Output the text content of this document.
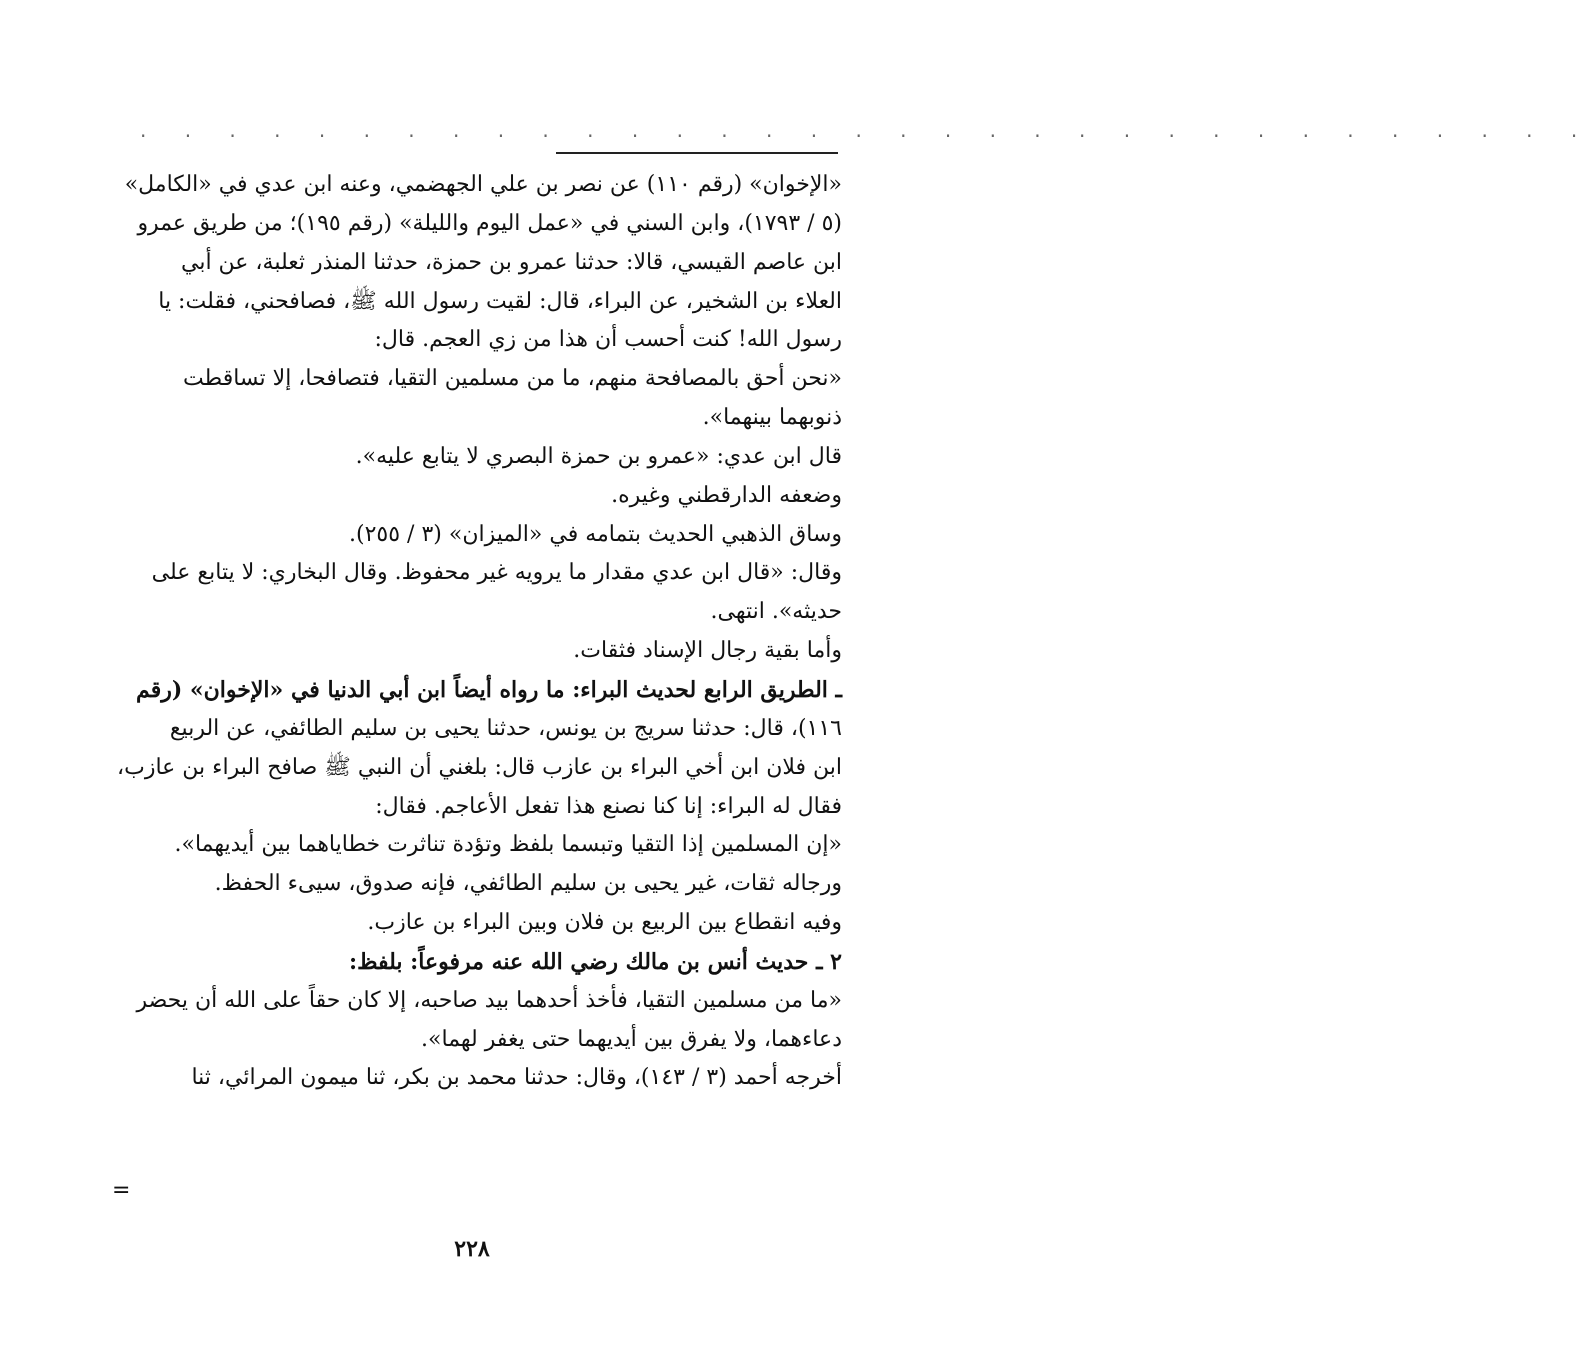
. . . . . . . . . . . . . . . . . . . . . . . . . . . . . . . . .
«الإخوان» (رقم ١١٠) عن نصر بن علي الجهضمي، وعنه ابن عدي في «الكامل»
(٥ / ١٧٩٣)، وابن السني في «عمل اليوم والليلة» (رقم ١٩٥)؛ من طريق عمرو
ابن عاصم القيسي، قالا: حدثنا عمرو بن حمزة، حدثنا المنذر ثعلبة، عن أبي
العلاء بن الشخير، عن البراء، قال: لقيت رسول الله ﷺ، فصافحني، فقلت: يا
رسول الله! كنت أحسب أن هذا من زي العجم. قال:
«نحن أحق بالمصافحة منهم، ما من مسلمين التقيا، فتصافحا، إلا تساقطت
ذنوبهما بينهما».
قال ابن عدي: «عمرو بن حمزة البصري لا يتابع عليه».
وضعفه الدارقطني وغيره.
وساق الذهبي الحديث بتمامه في «الميزان» (٣ / ٢٥٥).
وقال: «قال ابن عدي مقدار ما يرويه غير محفوظ. وقال البخاري: لا يتابع على
حديثه». انتهى.
وأما بقية رجال الإسناد فثقات.
ـ الطريق الرابع لحديث البراء: ما رواه أيضاً ابن أبي الدنيا في «الإخوان» (رقم
١١٦)، قال: حدثنا سريج بن يونس، حدثنا يحيى بن سليم الطائفي، عن الربيع
ابن فلان ابن أخي البراء بن عازب قال: بلغني أن النبي ﷺ صافح البراء بن عازب،
فقال له البراء: إنا كنا نصنع هذا تفعل الأعاجم. فقال:
«إن المسلمين إذا التقيا وتبسما بلفظ وتؤدة تناثرت خطاياهما بين أيديهما».
ورجاله ثقات، غير يحيى بن سليم الطائفي، فإنه صدوق، سيىء الحفظ.
وفيه انقطاع بين الربيع بن فلان وبين البراء بن عازب.
٢ ـ حديث أنس بن مالك رضي الله عنه مرفوعاً: بلفظ:
«ما من مسلمين التقيا، فأخذ أحدهما بيد صاحبه، إلا كان حقاً على الله أن يحضر
دعاءهما، ولا يفرق بين أيديهما حتى يغفر لهما».
أخرجه أحمد (٣ / ١٤٣)، وقال: حدثنا محمد بن بكر، ثنا ميمون المرائي، ثنا
=
٢٢٨
